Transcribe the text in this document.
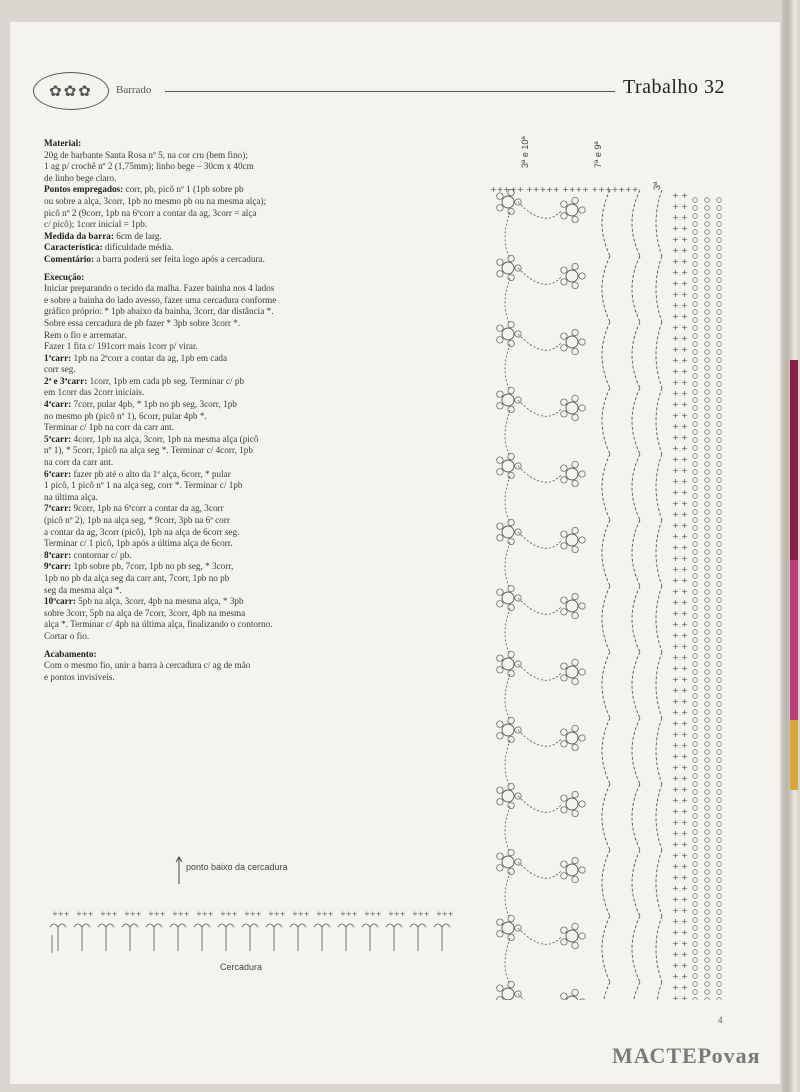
✿✿✿ Barrado	Trabalho 32
Material:
20g de barbante Santa Rosa nº 5, na cor cru (bem fino);
1 ag p/ crochê nº 2 (1,75mm); linho bege – 30cm x 40cm
de linho bege claro.
Pontos empregados: corr, pb, picô nº 1 (1pb sobre pb
ou sobre a alça, 3corr, 1pb no mesmo pb ou na mesma alça);
picô nº 2 (9corr, 1pb na 6ªcorr a contar da ag, 3corr = alça
c/ picô); 1corr inicial = 1pb.
Medida da barra: 6cm de larg.
Característica: dificuldade média.
Comentário: a barra poderá ser feita logo após a cercadura.
Execução:
Iniciar preparando o tecido da malha. Fazer bainha nos 4 lados
e sobre a bainha do lado avesso, fazer uma cercadura conforme
gráfico próprio: * 1pb abaixo da bainha, 3corr, dar distância *.
Sobre essa cercadura de pb fazer * 3pb sobre 3corr *.
Rem o fio e arrematar.
Fazer 1 fita c/ 191corr mais 1corr p/ virar.
1ªcarr: 1pb na 2ªcorr a contar da ag, 1pb em cada
corr seg.
2ª e 3ªcarr: 1corr, 1pb em cada pb seg. Terminar c/ pb
em 1corr das 2corr iniciais.
4ªcarr: 7corr, pular 4pb, * 1pb no pb seg, 3corr, 1pb
no mesmo pb (picô nº 1), 6corr, pular 4pb *.
Terminar c/ 1pb na corr da carr ant.
5ªcarr: 4corr, 1pb na alça, 3corr, 1pb na mesma alça (picô
nº 1), * 5corr, 1picô na alça seg *. Terminar c/ 4corr, 1pb
na corr da carr ant.
6ªcarr: fazer pb até o alto da 1ª alça, 6corr, * pular
1 picô, 1 picô nº 1 na alça seg, corr *. Terminar c/ 1pb
na última alça.
7ªcarr: 9corr, 1pb na 6ªcorr a contar da ag, 3corr
(picô nº 2), 1pb na alça seg, * 9corr, 3pb na 6ª corr
a contar da ag, 3corr (picô), 1pb na alça de 6corr seg.
Terminar c/ 1 picô, 1pb após a última alça de 6corr.
8ªcarr: contornar c/ pb.
9ªcarr: 1pb sobre pb, 7corr, 1pb no pb seg, * 3corr,
1pb no pb da alça seg da carr ant, 7corr, 1pb no pb
seg da mesma alça *.
10ªcarr: 5pb na alça, 3corr, 4pb na mesma alça, * 3pb
sobre 3corr, 5pb na alça de 7corr, 3corr, 4pb na mesma
alça *. Terminar c/ 4pb na última alça, finalizando o contorno.
Cortar o fio.
Acabamento:
Com o mesmo fio, unir a barra à cercadura c/ ag de mão
e pontos invisíveis.
ponto baixo da cercadura
+++ +++ +++ +++ +++ +++ +++ +++ +++ +++ +++ +++ +++ +++ +++ +++ +++
Cercadura
+ +
+ +
+ +
+ +
+ +
+ +
+ +
+ +
+ +
+ +
+ +
+ +
+ +
+ +
+ +
+ +
+ +
+ +
+ +
+ +
+ +
+ +
+ +
+ +
+ +
+ +
+ +
+ +
+ +
+ +
+ +
+ +
+ +
+ +
+ +
+ +
+ +
+ +
+ +
+ +
+ +
+ +
+ +
+ +
+ +
+ +
+ +
+ +
+ +
+ +
+ +
+ +
+ +
+ +
+ +
+ +
+ +
+ +
+ +
+ +
+ +
+ +
+ +
+ +
+ +
+ +
+ +
+ +
+ +
+ +
+ +
+ +
+ +
+ +
+++++ +++++ ++++ +++++++
3ª e 10ª	7ª e 9ª
3ª
4
МАСТЕРоvая
